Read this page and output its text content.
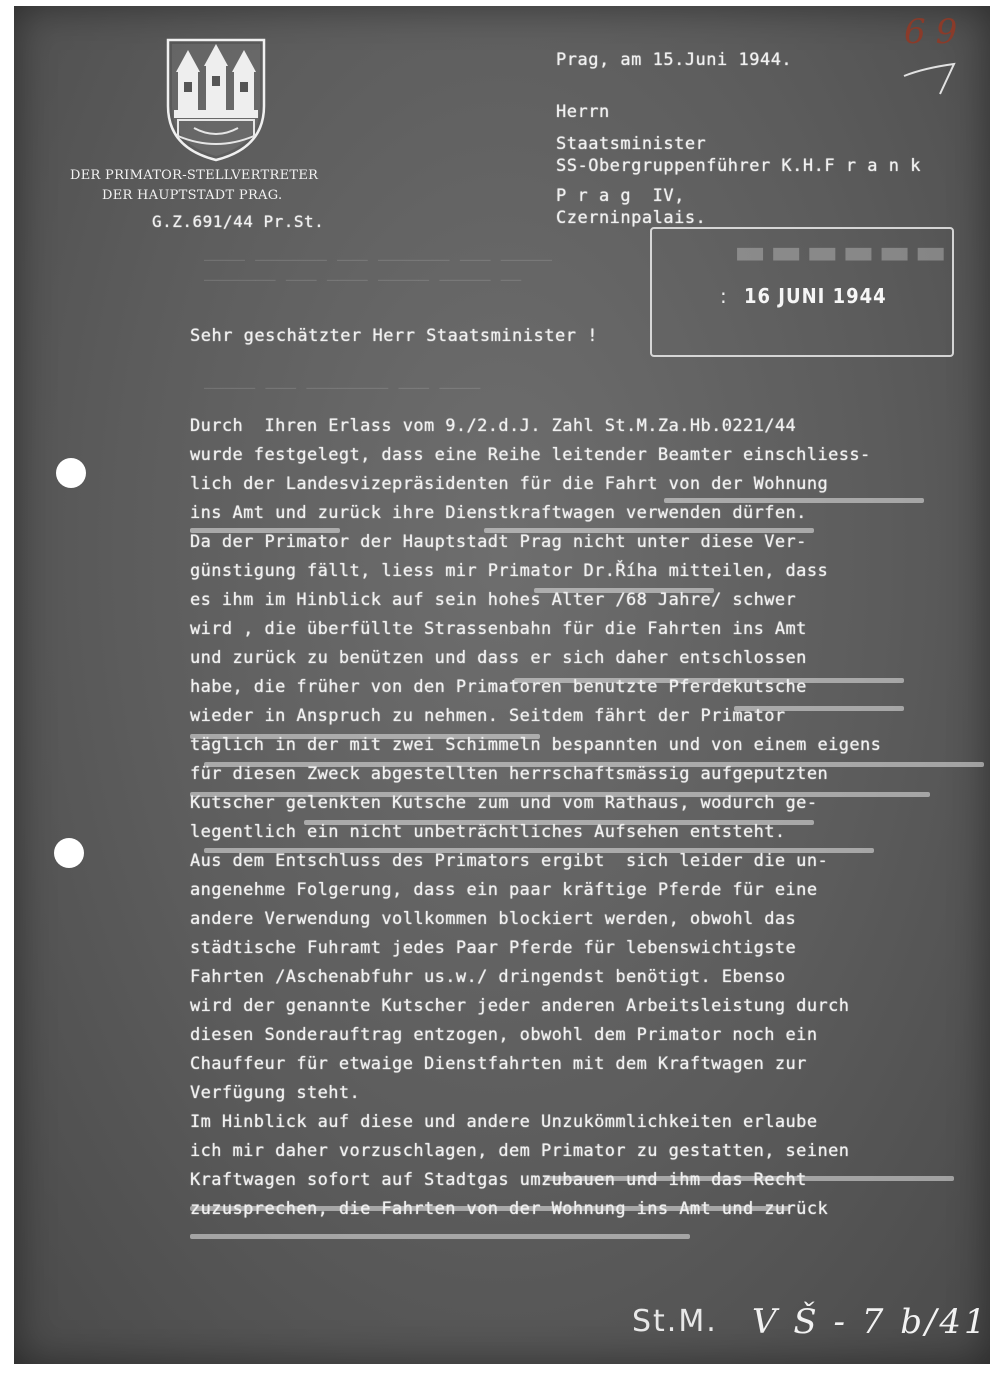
DER PRIMATOR-STELLVERTRETER
DER HAUPTSTADT PRAG.
G.Z.691/44 Pr.St.
Prag, am 15.Juni 1944.
Herrn
Staatsminister
SS-Obergruppenführer K.H.F r a n k
P r a g  IV,
Czerninpalais.
———— ——————— ——— ——————— ——— —————
——————— ——— ———— ————— ————— ——
————— ——— ———————— ——— ————
▬▬▬▬▬▬
: 16 JUNI 1944
69
Sehr geschätzter Herr Staatsminister !
Durch  Ihren Erlass vom 9./2.d.J. Zahl St.M.Za.Hb.0221/44
wurde festgelegt, dass eine Reihe leitender Beamter einschliess-
lich der Landesvizepräsidenten für die Fahrt von der Wohnung
ins Amt und zurück ihre Dienstkraftwagen verwenden dürfen.
Da der Primator der Hauptstadt Prag nicht unter diese Ver-
günstigung fällt, liess mir Primator Dr.Říha mitteilen, dass
es ihm im Hinblick auf sein hohes Alter /68 Jahre/ schwer
wird , die überfüllte Strassenbahn für die Fahrten ins Amt
und zurück zu benützen und dass er sich daher entschlossen
habe, die früher von den Primatoren benutzte Pferdekutsche
wieder in Anspruch zu nehmen. Seitdem fährt der Primator
täglich in der mit zwei Schimmeln bespannten und von einem eigens
für diesen Zweck abgestellten herrschaftsmässig aufgeputzten
Kutscher gelenkten Kutsche zum und vom Rathaus, wodurch ge-
legentlich ein nicht unbeträchtliches Aufsehen entsteht.
Aus dem Entschluss des Primators ergibt  sich leider die un-
angenehme Folgerung, dass ein paar kräftige Pferde für eine
andere Verwendung vollkommen blockiert werden, obwohl das
städtische Fuhramt jedes Paar Pferde für lebenswichtigste
Fahrten /Aschenabfuhr us.w./ dringendst benötigt. Ebenso
wird der genannte Kutscher jeder anderen Arbeitsleistung durch
diesen Sonderauftrag entzogen, obwohl dem Primator noch ein
Chauffeur für etwaige Dienstfahrten mit dem Kraftwagen zur
Verfügung steht.
Im Hinblick auf diese und andere Unzukömmlichkeiten erlaube
ich mir daher vorzuschlagen, dem Primator zu gestatten, seinen
Kraftwagen sofort auf Stadtgas umzubauen und ihm das Recht
zuzusprechen, die Fahrten von der Wohnung ins Amt und zurück
St.M. V Š - 7 b/41
